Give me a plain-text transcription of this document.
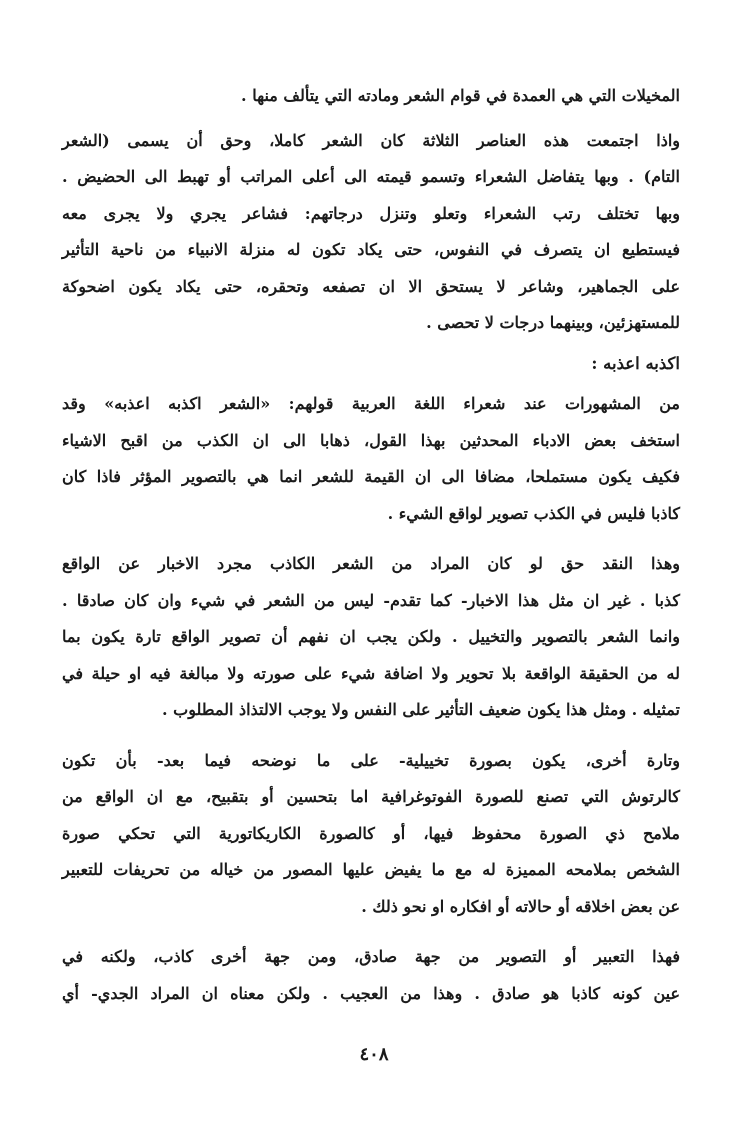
المخيلات التي هي العمدة في قوام الشعر ومادته التي يتألف منها .

واذا اجتمعت هذه العناصر الثلاثة كان الشعر كاملا، وحق أن يسمى (الشعر
التام) . وبها يتفاضل الشعراء وتسمو قيمته الى أعلى المراتب أو تهبط الى الحضيض .
وبها تختلف رتب الشعراء وتعلو وتنزل درجاتهم: فشاعر يجري ولا يجرى معه
فيستطيع ان يتصرف في النفوس، حتى يكاد تكون له منزلة الانبياء من ناحية التأثير
على الجماهير، وشاعر لا يستحق الا ان تصفعه وتحقره، حتى يكاد يكون اضحوكة
للمستهزئين، وبينهما درجات لا تحصى .

اكذبه اعذبه :

من المشهورات عند شعراء اللغة العربية قولهم: «الشعر اكذبه اعذبه» وقد
استخف بعض الادباء المحدثين بهذا القول، ذهابا الى ان الكذب من اقبح الاشياء
فكيف يكون مستملحا، مضافا الى ان القيمة للشعر انما هي بالتصوير المؤثر فاذا كان
كاذبا فليس في الكذب تصوير لواقع الشيء .

وهذا النقد حق لو كان المراد من الشعر الكاذب مجرد الاخبار عن الواقع
كذبا . غير ان مثل هذا الاخبار- كما تقدم- ليس من الشعر في شيء وان كان صادقا .
وانما الشعر بالتصوير والتخييل . ولكن يجب ان نفهم أن تصوير الواقع تارة يكون بما
له من الحقيقة الواقعة بلا تحوير ولا اضافة شيء على صورته ولا مبالغة فيه او حيلة في
تمثيله . ومثل هذا يكون ضعيف التأثير على النفس ولا يوجب الالتذاذ المطلوب .

وتارة أخرى، يكون بصورة تخييلية- على ما نوضحه فيما بعد- بأن تكون
كالرتوش التي تصنع للصورة الفوتوغرافية اما بتحسين أو بتقبيح، مع ان الواقع من
ملامح ذي الصورة محفوظ فيها، أو كالصورة الكاريكاتورية التي تحكي صورة
الشخص بملامحه المميزة له مع ما يفيض عليها المصور من خياله من تحريفات للتعبير
عن بعض اخلاقه أو حالاته أو افكاره او نحو ذلك .

فهذا التعبير أو التصوير من جهة صادق، ومن جهة أخرى كاذب، ولكنه في
عين كونه كاذبا هو صادق . وهذا من العجيب . ولكن معناه ان المراد الجدي- أي

٤٠٨
